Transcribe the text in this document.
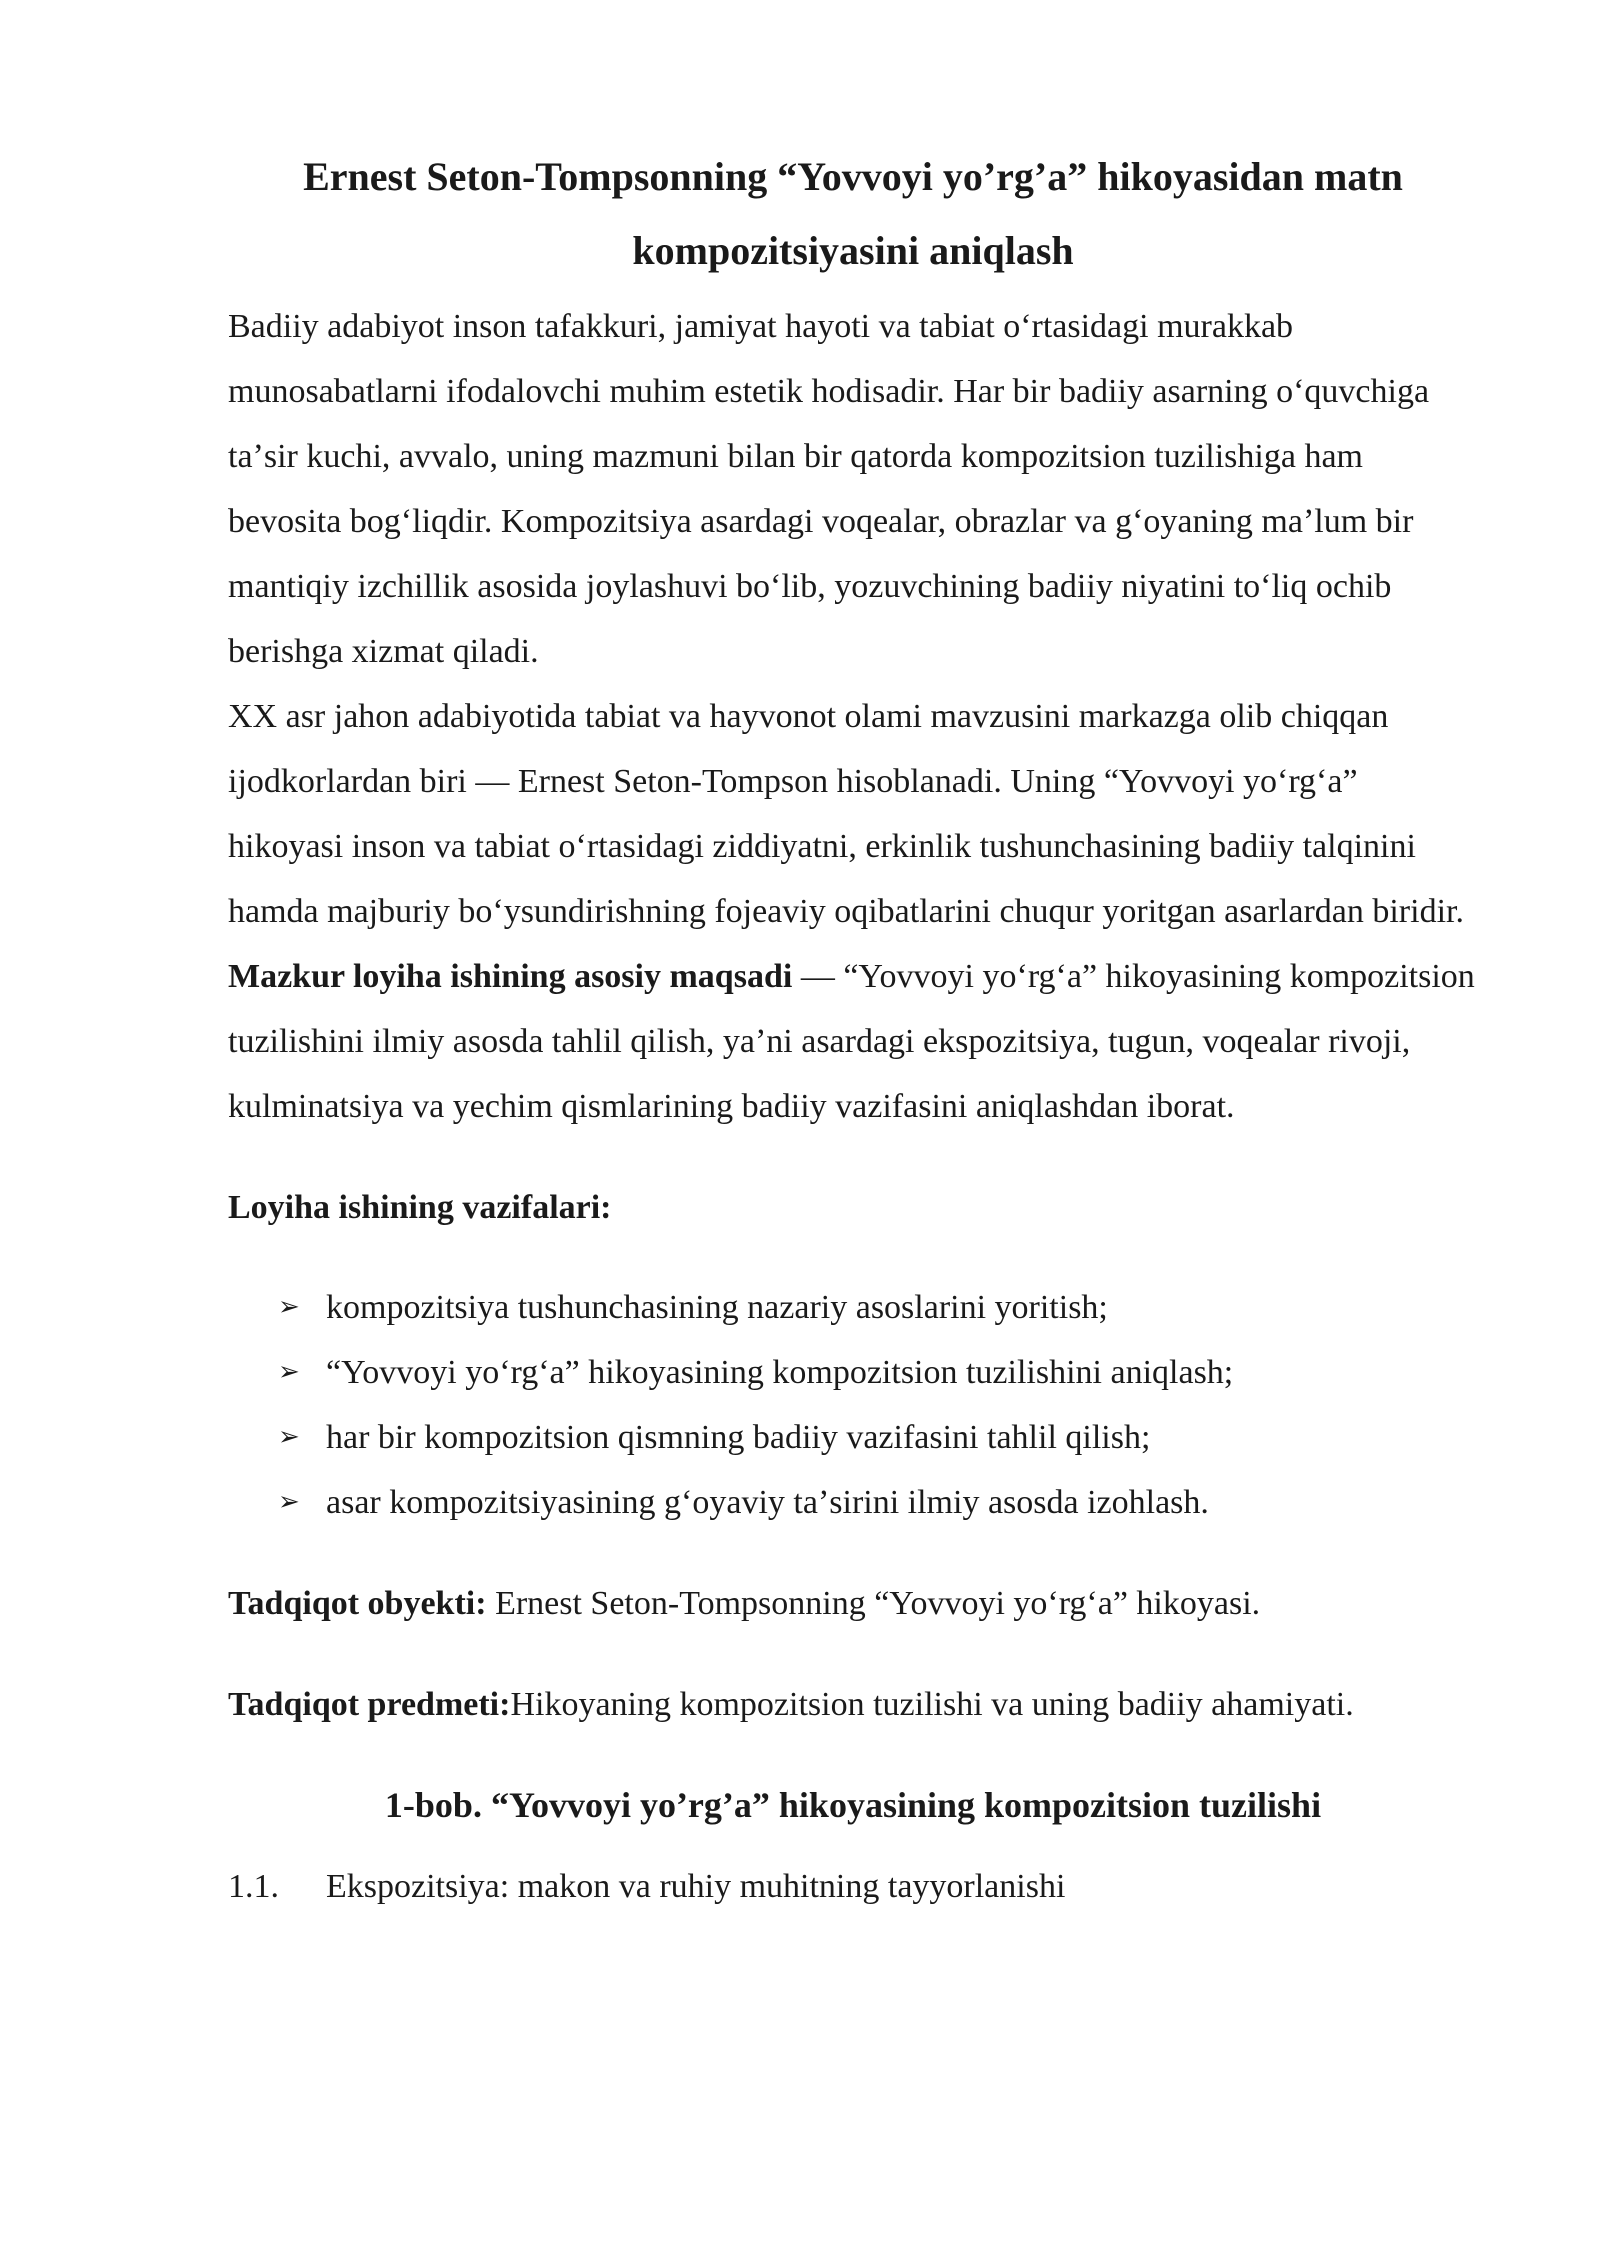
Ernest Seton-Tompsonning “Yovvoyi yo’rg’a” hikoyasidan matn
kompozitsiyasini aniqlash

Badiiy adabiyot inson tafakkuri, jamiyat hayoti va tabiat oʻrtasidagi murakkab munosabatlarni ifodalovchi muhim estetik hodisadir. Har bir badiiy asarning oʻquvchiga taʼsir kuchi, avvalo, uning mazmuni bilan bir qatorda kompozitsion tuzilishiga ham bevosita bogʻliqdir. Kompozitsiya asardagi voqealar, obrazlar va gʻoyaning maʼlum bir mantiqiy izchillik asosida joylashuvi boʻlib, yozuvchining badiiy niyatini toʻliq ochib berishga xizmat qiladi.

XX asr jahon adabiyotida tabiat va hayvonot olami mavzusini markazga olib chiqqan ijodkorlardan biri — Ernest Seton-Tompson hisoblanadi. Uning “Yovvoyi yoʻrgʻa” hikoyasi inson va tabiat oʻrtasidagi ziddiyatni, erkinlik tushunchasining badiiy talqinini hamda majburiy boʻysundirishning fojeaviy oqibatlarini chuqur yoritgan asarlardan biridir.

Mazkur loyiha ishining asosiy maqsadi — “Yovvoyi yoʻrgʻa” hikoyasining kompozitsion tuzilishini ilmiy asosda tahlil qilish, yaʼni asardagi ekspozitsiya, tugun, voqealar rivoji, kulminatsiya va yechim qismlarining badiiy vazifasini aniqlashdan iborat.

Loyiha ishining vazifalari:

➢ kompozitsiya tushunchasining nazariy asoslarini yoritish;
➢ “Yovvoyi yoʻrgʻa” hikoyasining kompozitsion tuzilishini aniqlash;
➢ har bir kompozitsion qismning badiiy vazifasini tahlil qilish;
➢ asar kompozitsiyasining gʻoyaviy taʼsirini ilmiy asosda izohlash.

Tadqiqot obyekti: Ernest Seton-Tompsonning “Yovvoyi yoʻrgʻa” hikoyasi.

Tadqiqot predmeti:Hikoyaning kompozitsion tuzilishi va uning badiiy ahamiyati.

1-bob. “Yovvoyi yo’rg’a” hikoyasining kompozitsion tuzilishi

1.1. Ekspozitsiya: makon va ruhiy muhitning tayyorlanishi
